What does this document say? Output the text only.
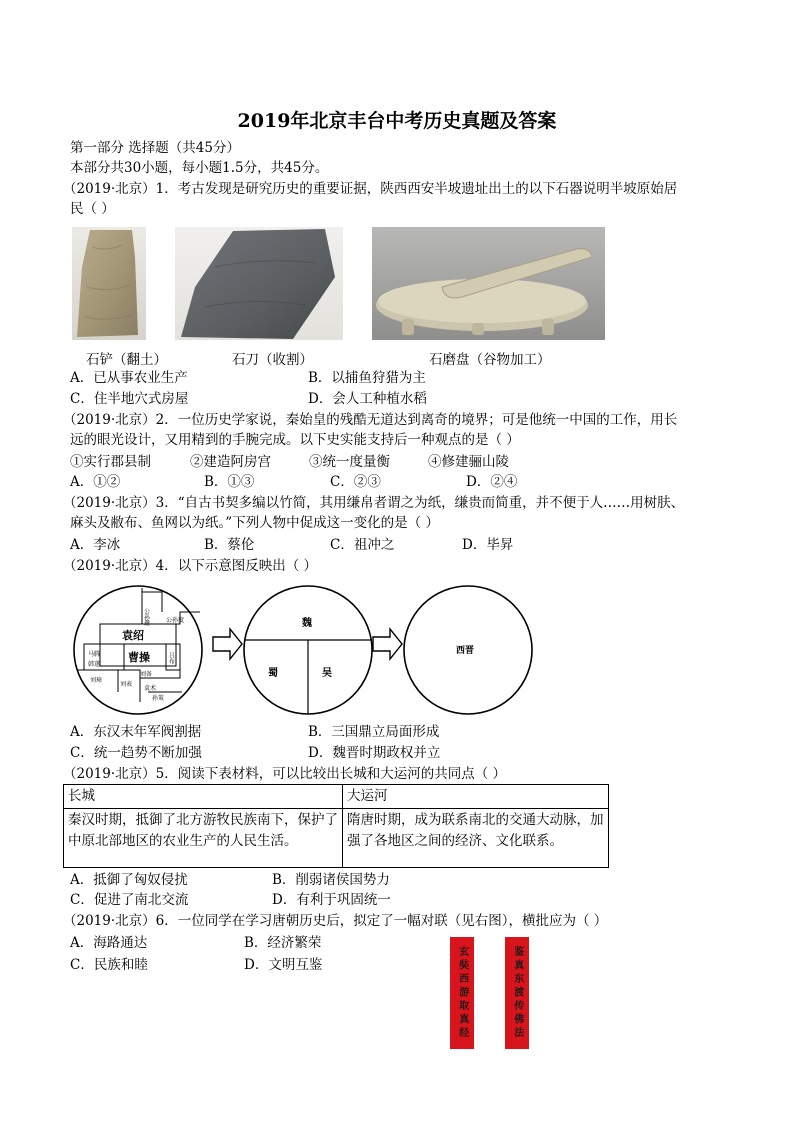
2019年北京丰台中考历史真题及答案
第一部分 选择题（共45分）
本部分共30小题，每小题1.5分，共45分。
（2019·北京）1．考古发现是研究历史的重要证据，陕西西安半坡遗址出土的以下石器说明半坡原始居
民（ ）
石铲（翻土）	石刀（收割）	石磨盘（谷物加工）
A．已从事农业生产	B．以捕鱼狩猎为主
C．住半地穴式房屋	D．会人工种植水稻
（2019·北京）2．一位历史学家说，秦始皇的残酷无道达到离奇的境界；可是他统一中国的工作，用长
远的眼光设计，又用精到的手腕完成。以下史实能支持后一种观点的是（ ）
①实行郡县制	②建造阿房宫	③统一度量衡	④修建骊山陵
A．①②	B．①③	C．②③	D．②④
（2019·北京）3．“自古书契多编以竹简，其用缣帛者谓之为纸，缣贵而简重，并不便于人……用树肤、
麻头及敝布、鱼网以为纸。”下列人物中促成这一变化的是（ ）
A．李冰	B．蔡伦	C．祖冲之	D．毕昇
（2019·北京）4．以下示意图反映出（ ）
公孙瓒	公孙度
袁绍
曹操
马腾
韩遂
吕布
刘备
刘表
袁术
孙策
刘璋
魏
蜀	吴
西晋
A．东汉末年军阀割据	B．三国鼎立局面形成
C．统一趋势不断加强	D．魏晋时期政权并立
（2019·北京）5．阅读下表材料，可以比较出长城和大运河的共同点（ ）
长城	大运河
秦汉时期，抵御了北方游牧民族南下，保护了中原北部地区的农业生产的人民生活。	隋唐时期，成为联系南北的交通大动脉，加强了各地区之间的经济、文化联系。
A．抵御了匈奴侵扰	B．削弱诸侯国势力
C．促进了南北交流	D．有利于巩固统一
（2019·北京）6．一位同学在学习唐朝历史后，拟定了一幅对联（见右图），横批应为（ ）
A．海路通达	B．经济繁荣
C．民族和睦	D．文明互鉴	玄奘西游取真经	鉴真东渡传佛法
